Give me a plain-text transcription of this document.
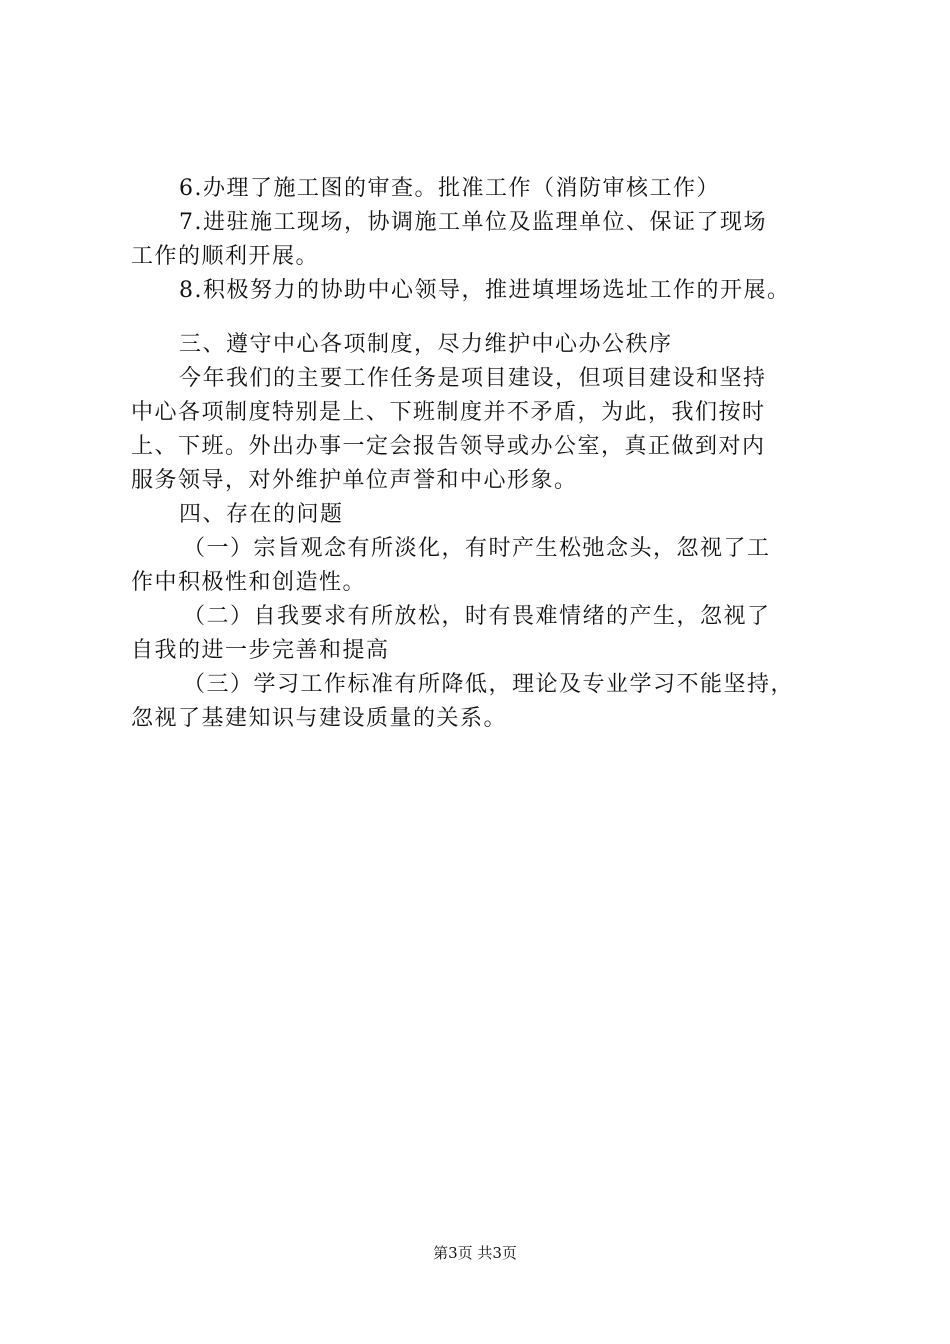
6.办理了施工图的审查。批准工作（消防审核工作）
7.进驻施工现场，协调施工单位及监理单位、保证了现场
工作的顺利开展。
8.积极努力的协助中心领导，推进填埋场选址工作的开展。
三、遵守中心各项制度，尽力维护中心办公秩序
今年我们的主要工作任务是项目建设，但项目建设和坚持
中心各项制度特别是上、下班制度并不矛盾，为此，我们按时
上、下班。外出办事一定会报告领导或办公室，真正做到对内
服务领导，对外维护单位声誉和中心形象。
四、存在的问题
（一）宗旨观念有所淡化，有时产生松弛念头，忽视了工
作中积极性和创造性。
（二）自我要求有所放松，时有畏难情绪的产生，忽视了
自我的进一步完善和提高
（三）学习工作标准有所降低，理论及专业学习不能坚持，
忽视了基建知识与建设质量的关系。
第3页 共3页
